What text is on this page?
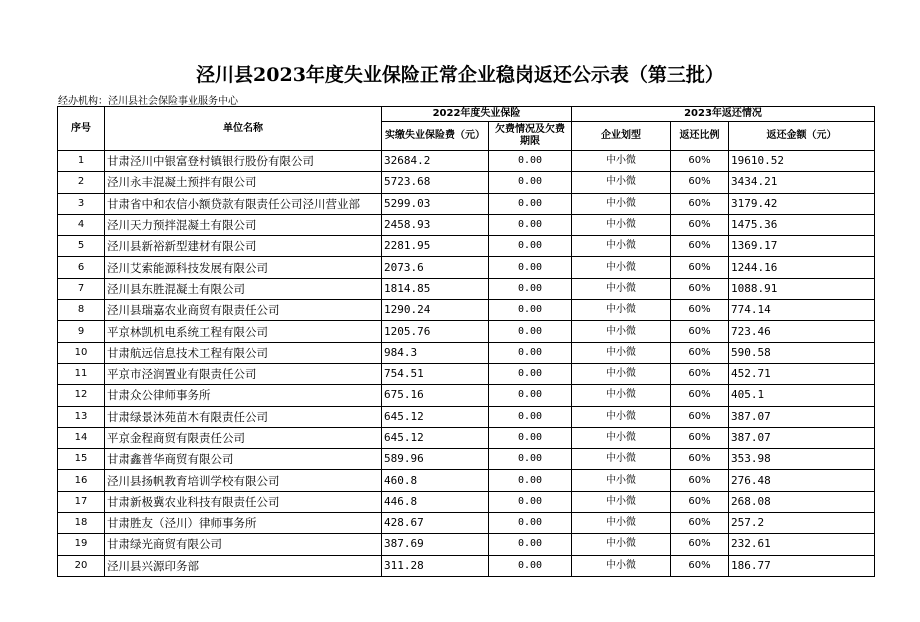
泾川县2023年度失业保险正常企业稳岗返还公示表（第三批）
经办机构：泾川县社会保险事业服务中心
序号	单位名称	2022年度失业保险		2023年返还情况		
		实缴失业保险费（元）	欠费情况及欠费期限	企业划型	返还比例	返还金额（元）
1	甘肃泾川中银富登村镇银行股份有限公司	32684.2	0.00	中小微	60%	19610.52
2	泾川永丰混凝土预拌有限公司	5723.68	0.00	中小微	60%	3434.21
3	甘肃省中和农信小额贷款有限责任公司泾川营业部	5299.03	0.00	中小微	60%	3179.42
4	泾川天力预拌混凝土有限公司	2458.93	0.00	中小微	60%	1475.36
5	泾川县新裕新型建材有限公司	2281.95	0.00	中小微	60%	1369.17
6	泾川艾索能源科技发展有限公司	2073.6	0.00	中小微	60%	1244.16
7	泾川县东胜混凝土有限公司	1814.85	0.00	中小微	60%	1088.91
8	泾川县瑞嘉农业商贸有限责任公司	1290.24	0.00	中小微	60%	774.14
9	平京林凯机电系统工程有限公司	1205.76	0.00	中小微	60%	723.46
10	甘肃航远信息技术工程有限公司	984.3	0.00	中小微	60%	590.58
11	平京市泾润置业有限责任公司	754.51	0.00	中小微	60%	452.71
12	甘肃众公律师事务所	675.16	0.00	中小微	60%	405.1
13	甘肃绿景沐苑苗木有限责任公司	645.12	0.00	中小微	60%	387.07
14	平京金程商贸有限责任公司	645.12	0.00	中小微	60%	387.07
15	甘肃鑫普华商贸有限公司	589.96	0.00	中小微	60%	353.98
16	泾川县扬帆教育培训学校有限公司	460.8	0.00	中小微	60%	276.48
17	甘肃新极冀农业科技有限责任公司	446.8	0.00	中小微	60%	268.08
18	甘肃胜友（泾川）律师事务所	428.67	0.00	中小微	60%	257.2
19	甘肃绿光商贸有限公司	387.69	0.00	中小微	60%	232.61
20	泾川县兴源印务部	311.28	0.00	中小微	60%	186.77
